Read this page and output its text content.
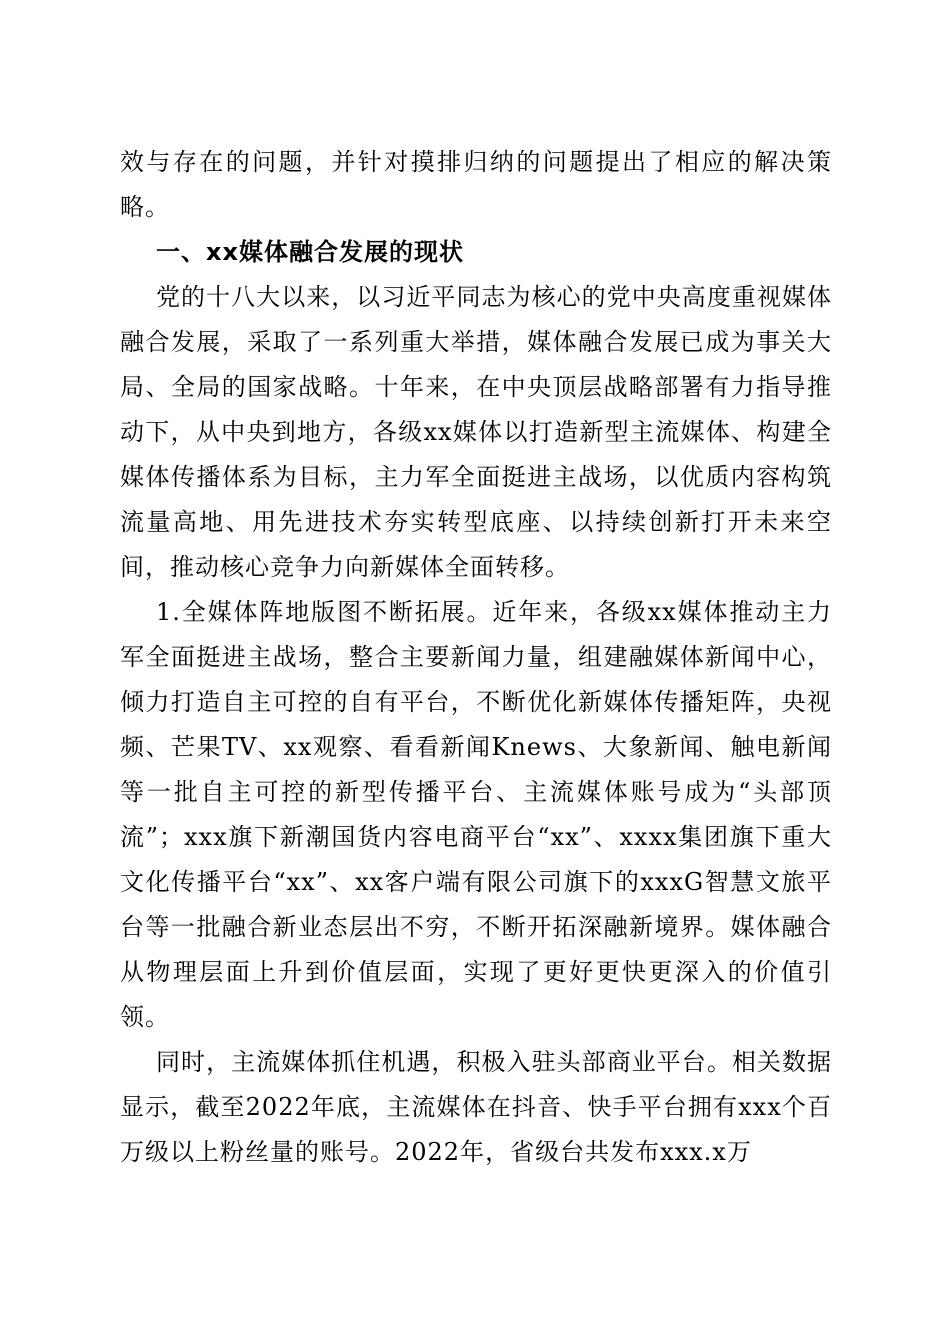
效与存在的问题，并针对摸排归纳的问题提出了相应的解决策略。

一、xx媒体融合发展的现状

党的十八大以来，以习近平同志为核心的党中央高度重视媒体融合发展，采取了一系列重大举措，媒体融合发展已成为事关大局、全局的国家战略。十年来，在中央顶层战略部署有力指导推动下，从中央到地方，各级xx媒体以打造新型主流媒体、构建全媒体传播体系为目标，主力军全面挺进主战场，以优质内容构筑流量高地、用先进技术夯实转型底座、以持续创新打开未来空间，推动核心竞争力向新媒体全面转移。

1.全媒体阵地版图不断拓展。近年来，各级xx媒体推动主力军全面挺进主战场，整合主要新闻力量，组建融媒体新闻中心，倾力打造自主可控的自有平台，不断优化新媒体传播矩阵，央视频、芒果TV、xx观察、看看新闻Knews、大象新闻、触电新闻等一批自主可控的新型传播平台、主流媒体账号成为“头部顶流”；xxx旗下新潮国货内容电商平台“xx”、xxxx集团旗下重大文化传播平台“xx”、xx客户端有限公司旗下的xxxG智慧文旅平台等一批融合新业态层出不穷，不断开拓深融新境界。媒体融合从物理层面上升到价值层面，实现了更好更快更深入的价值引领。

同时，主流媒体抓住机遇，积极入驻头部商业平台。相关数据显示，截至2022年底，主流媒体在抖音、快手平台拥有xxx个百万级以上粉丝量的账号。2022年，省级台共发布xxx.x万
